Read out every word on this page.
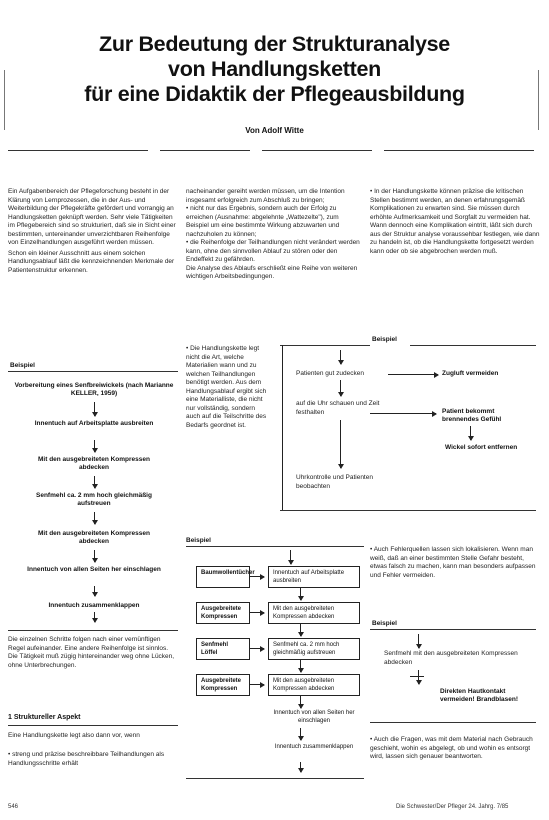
Zur Bedeutung der Strukturanalyse
von Handlungsketten
für eine Didaktik der Pflegeausbildung
Von Adolf Witte

Ein Aufgabenbereich der Pflegeforschung besteht in der Klärung von Lernprozessen, die in der Aus- und Weiterbildung der Pflegekräfte gefördert und vorrangig an Handlungsketten geknüpft werden. Sehr viele Tätigkeiten im Pflegebereich sind so strukturiert, daß sie in Sicht einer bestimmten, untereinander unverzichtbaren Reihenfolge von Einzelhandlungen ausgeführt werden müssen.

Schon ein kleiner Ausschnitt aus einem solchen Handlungsablauf läßt die kennzeichnenden Merkmale der Patientenstruktur erkennen.

Beispiel
Vorbereitung eines Senfbreiwickels (nach Marianne KELLER, 1959)
Innentuch auf Arbeitsplatte ausbreiten
Mit den ausgebreiteten Kompressen abdecken
Senfmehl ca. 2 mm hoch gleichmäßig aufstreuen
Mit den ausgebreiteten Kompressen abdecken
Innentuch von allen Seiten her einschlagen
Innentuch zusammenklappen
Die einzelnen Schritte folgen nach einer vernünftigen Regel aufeinander. Eine andere Reihenfolge ist sinnlos. Die Tätigkeit muß zügig hintereinander weg ohne Lücken, ohne Unterbrechungen.
1 Struktureller Aspekt
Eine Handlungskette legt also dann vor, wenn
• streng und präzise beschreibbare Teilhandlungen als Handlungsschritte erhält

nacheinander gereiht werden müssen, um die Intention insgesamt erfolgreich zum Abschluß zu bringen;

• nicht nur das Ergebnis, sondern auch der Erfolg zu erreichen (Ausnahme: abgelehnte „Wattezelte"), zum Beispiel um eine bestimmte Wirkung abzuwarten und nachzuholen zu können;

• die Reihenfolge der Teilhandlungen nicht verändert werden kann, ohne den sinnvollen Ablauf zu stören oder den Endeffekt zu gefährden.

Die Analyse des Ablaufs erschließt eine Reihe von weiteren wichtigen Arbeitsbedingungen.

• Die Handlungskette legt nicht die Art, welche Materialien wann und zu welchen Teilhandlungen benötigt werden. Aus dem Handlungsablauf ergibt sich eine Materialliste, die nicht nur vollständig, sondern auch auf die Teilschritte des Bedarfs geordnet ist.
• In der Handlungskette können präzise die kritischen Stellen bestimmt werden, an denen erfahrungsgemäß Komplikationen zu erwarten sind. Sie müssen durch erhöhte Aufmerksamkeit und Sorgfalt zu vermeiden hat. Wann dennoch eine Komplikation eintritt, läßt sich durch aus der Struktur analyse voraussehbar festlegen, wie dann zu handeln ist, ob die Handlungskette fortgesetzt werden kann oder ob sie abgebrochen werden muß.
Beispiel
Patienten gut zudecken	Zugluft vermeiden
auf die Uhr schauen und Zeit festhalten	Patient bekommt brennendes Gefühl
Wickel sofort entfernen
Uhrkontrolle und Patienten beobachten
Beispiel
Baumwollentücher	Innentuch auf Arbeitsplatte ausbreiten
Ausgebreitete Kompressen
Mit den ausgebreiteten Kompressen abdecken
Senfmehl Löffel
Senfmehl ca. 2 mm hoch gleichmäßig aufstreuen
Ausgebreitete Kompressen
Mit den ausgebreiteten Kompressen abdecken
Innentuch von allen Seiten her einschlagen
Innentuch zusammenklappen
• Auch Fehlerquellen lassen sich lokalisieren. Wenn man weiß, daß an einer bestimmten Stelle Gefahr besteht, etwas falsch zu machen, kann man besonders aufpassen und Fehler vermeiden.
Beispiel
Senfmehl mit den ausgebreiteten Kompressen abdecken
Direkten Hautkontakt vermeiden! Brandblasen!
• Auch die Fragen, was mit dem Material nach Gebrauch geschieht, wohin es abgelegt, ob und wohin es entsorgt wird, lassen sich genauer beantworten.
546	Die Schwester/Der Pfleger 24. Jahrg. 7/85
